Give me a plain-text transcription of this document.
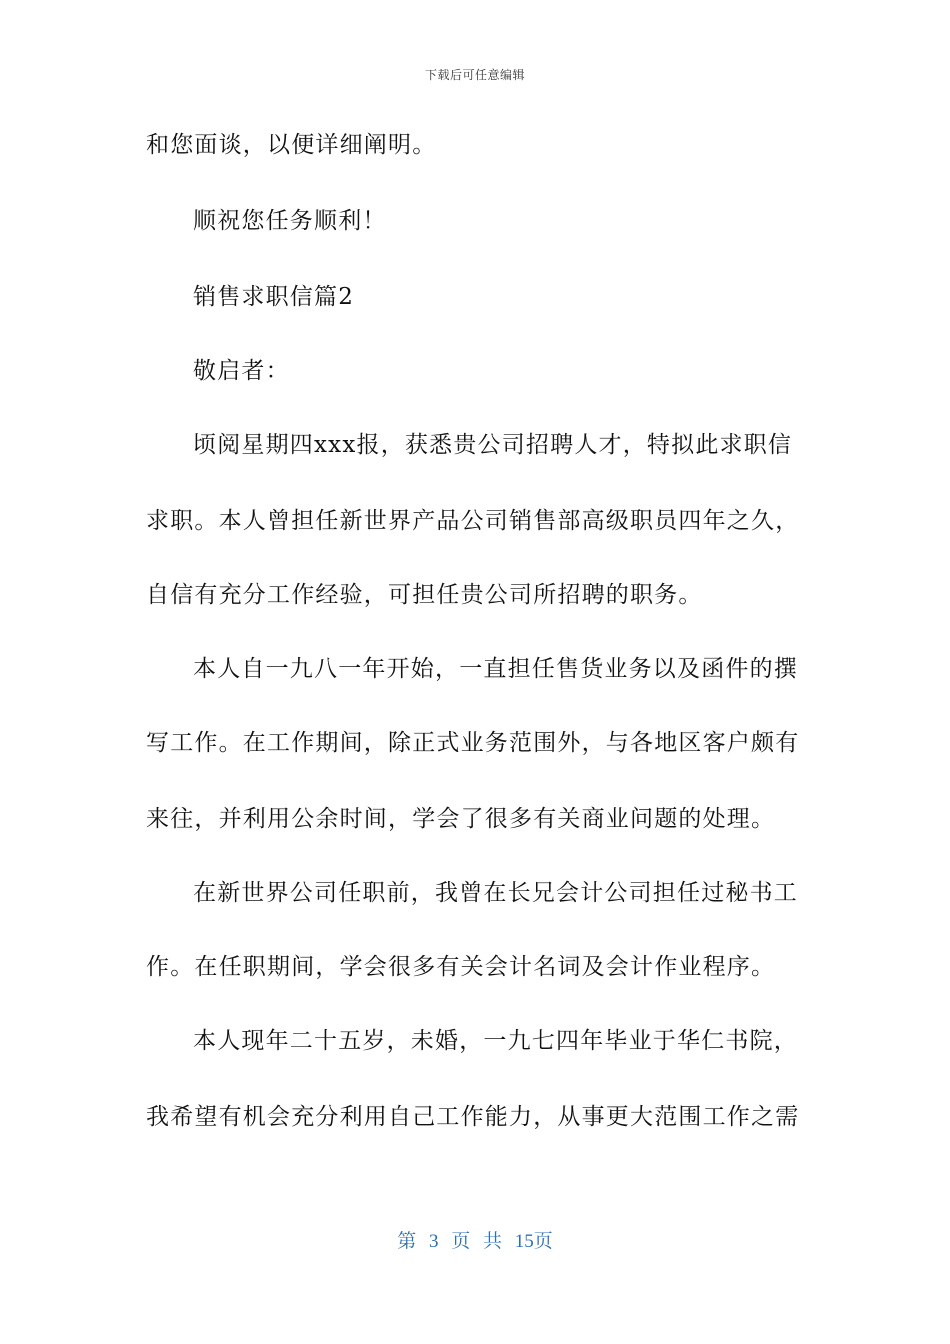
下载后可任意编辑
和您面谈，以便详细阐明。
顺祝您任务顺利！
销售求职信篇2
敬启者：
顷阅星期四xxx报，获悉贵公司招聘人才，特拟此求职信
求职。本人曾担任新世界产品公司销售部高级职员四年之久，
自信有充分工作经验，可担任贵公司所招聘的职务。
本人自一九八一年开始，一直担任售货业务以及函件的撰
写工作。在工作期间，除正式业务范围外，与各地区客户颇有
来往，并利用公余时间，学会了很多有关商业问题的处理。
在新世界公司任职前，我曾在长兄会计公司担任过秘书工
作。在任职期间，学会很多有关会计名词及会计作业程序。
本人现年二十五岁，未婚，一九七四年毕业于华仁书院，
我希望有机会充分利用自己工作能力，从事更大范围工作之需
第 3 页 共 15页
